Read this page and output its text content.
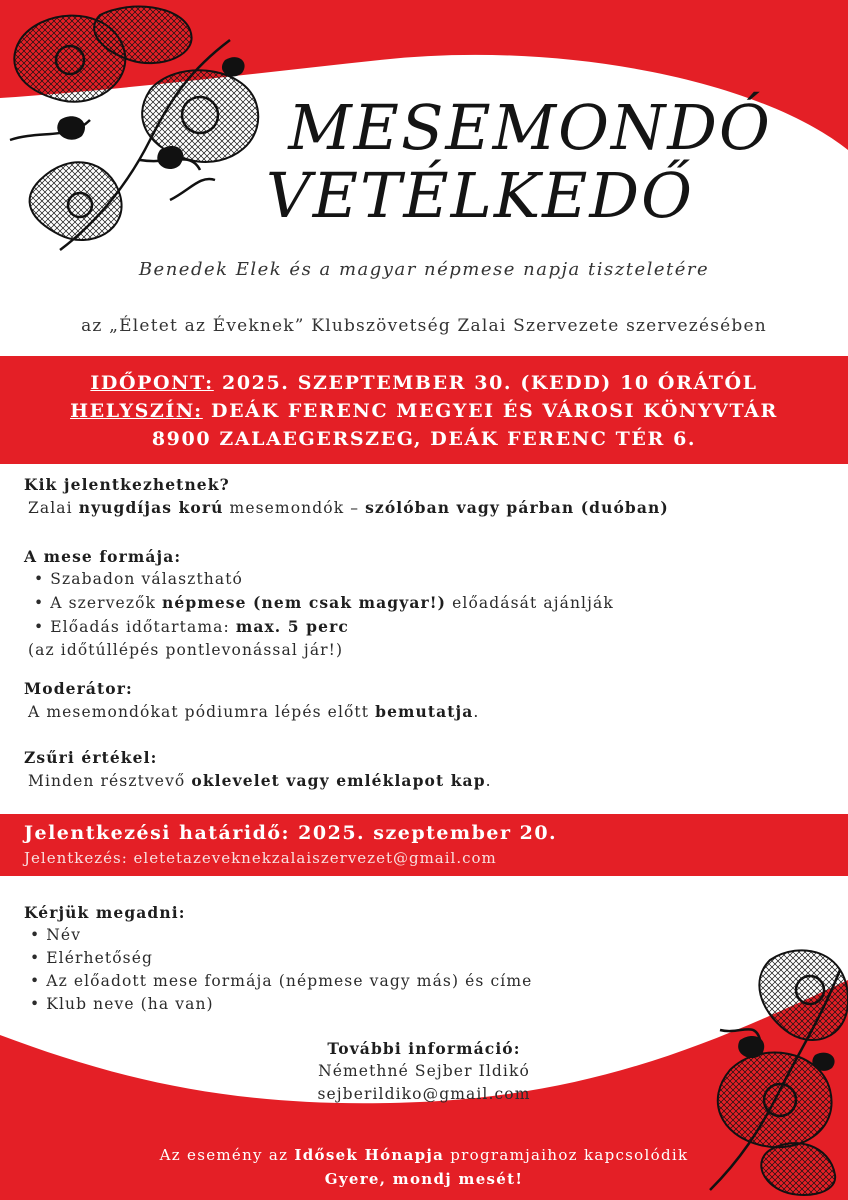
MESEMONDÓ
VETÉLKEDŐ
Benedek Elek és a magyar népmese napja tiszteletére
az „Életet az Éveknek” Klubszövetség Zalai Szervezete szervezésében
IDŐPONT: 2025. SZEPTEMBER 30. (KEDD) 10 ÓRÁTÓL
HELYSZÍN: DEÁK FERENC MEGYEI ÉS VÁROSI KÖNYVTÁR
8900 ZALAEGERSZEG, DEÁK FERENC TÉR 6.
Kik jelentkezhetnek?
Zalai nyugdíjas korú mesemondók – szólóban vagy párban (duóban)
A mese formája:
• Szabadon választható
• A szervezők népmese (nem csak magyar!) előadását ajánlják
• Előadás időtartama: max. 5 perc
(az időtúllépés pontlevonással jár!)
Moderátor:
A mesemondókat pódiumra lépés előtt bemutatja.
Zsűri értékel:
Minden résztvevő oklevelet vagy emléklapot kap.
Jelentkezési határidő: 2025. szeptember 20.
Jelentkezés: eletetazeveknekzalaiszervezet@gmail.com
Kérjük megadni:
• Név
• Elérhetőség
• Az előadott mese formája (népmese vagy más) és címe
• Klub neve (ha van)
További információ:
Némethné Sejber Ildikó
sejberildiko@gmail.com
Az esemény az Idősek Hónapja programjaihoz kapcsolódik
Gyere, mondj mesét!
